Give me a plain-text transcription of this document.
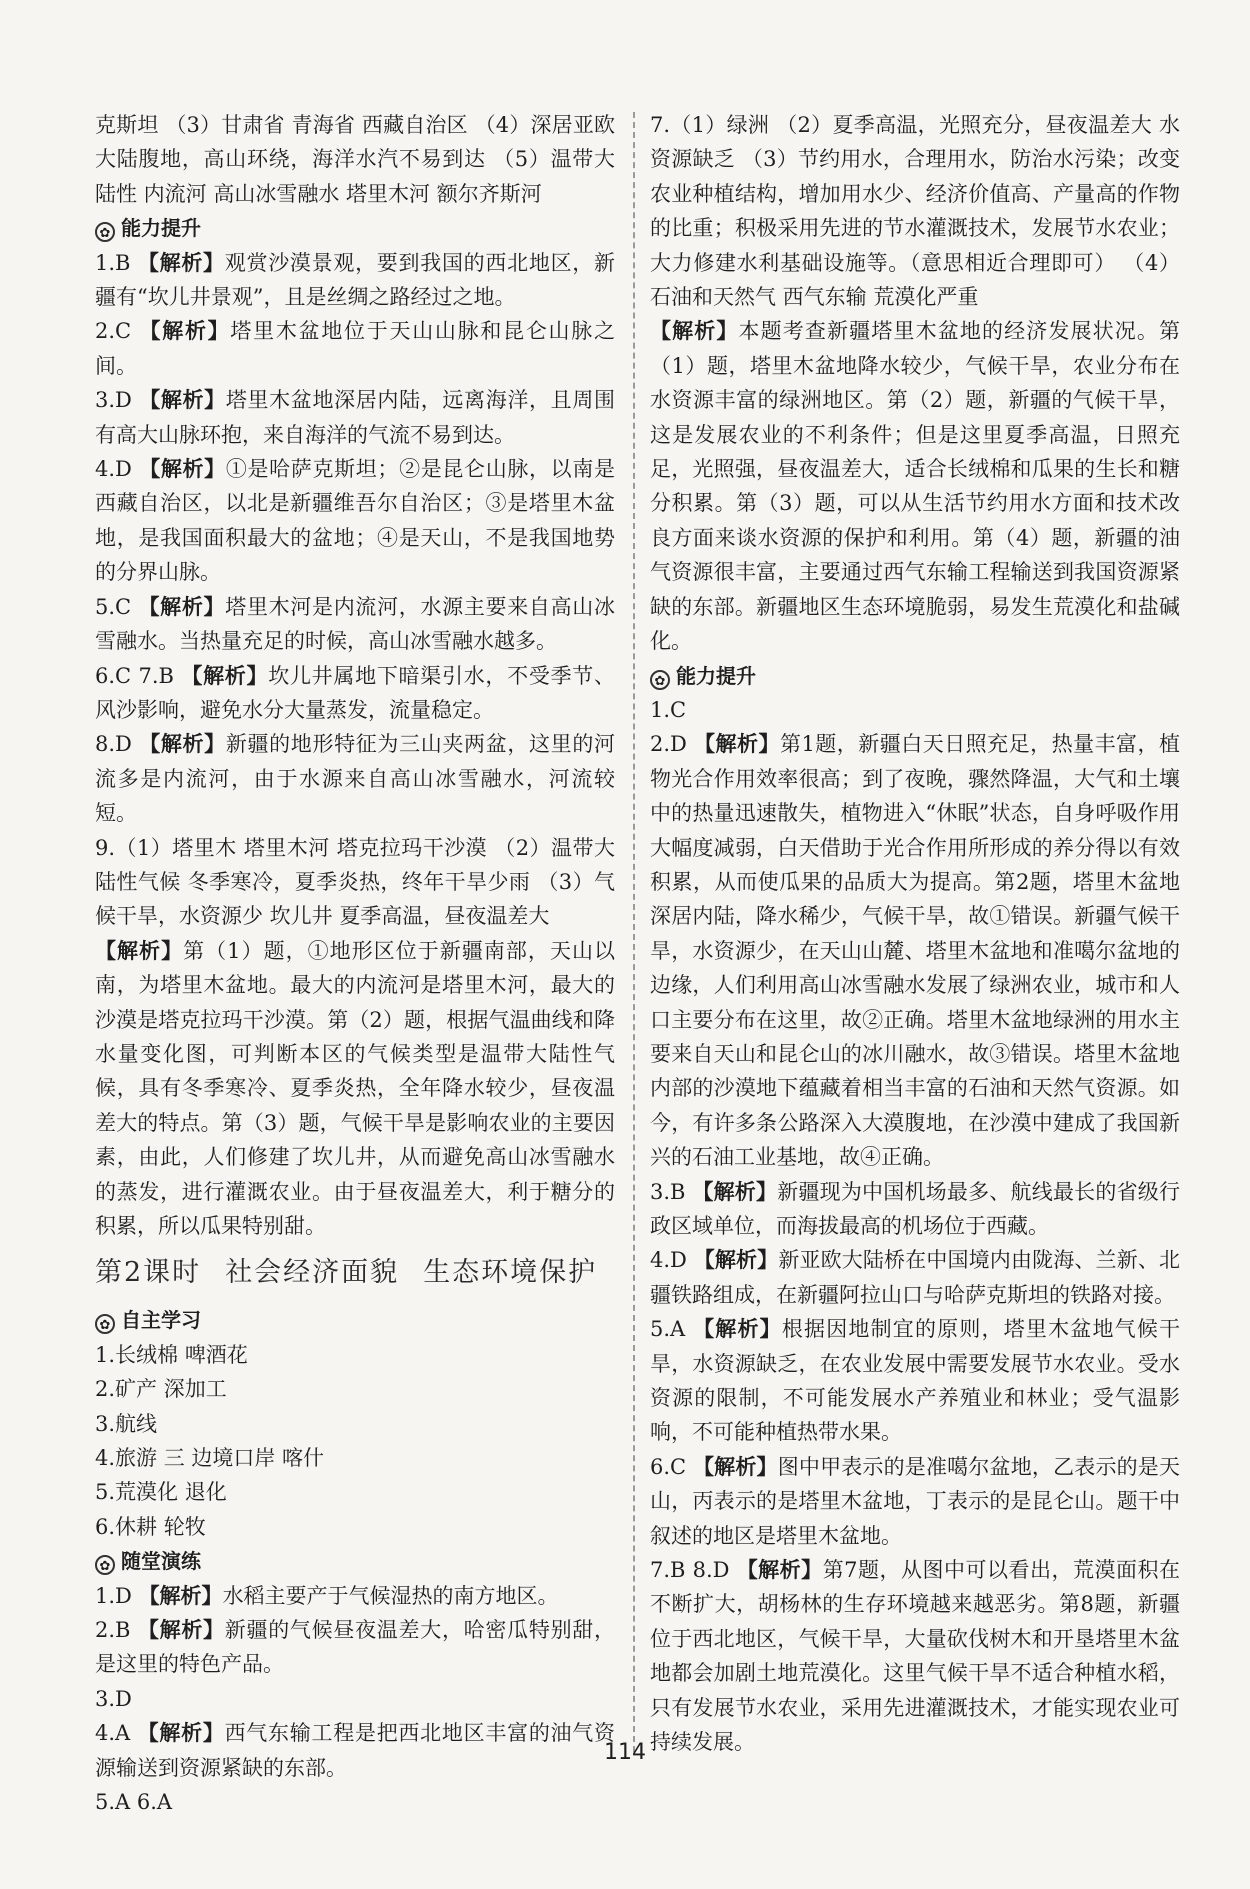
克斯坦 （3）甘肃省 青海省 西藏自治区 （4）深居亚欧大陆腹地，高山环绕，海洋水汽不易到达 （5）温带大陆性 内流河 高山冰雪融水 塔里木河 额尔齐斯河

✿ 能力提升

1.B 【解析】观赏沙漠景观，要到我国的西北地区，新疆有“坎儿井景观”，且是丝绸之路经过之地。

2.C 【解析】塔里木盆地位于天山山脉和昆仑山脉之间。

3.D 【解析】塔里木盆地深居内陆，远离海洋，且周围有高大山脉环抱，来自海洋的气流不易到达。

4.D 【解析】①是哈萨克斯坦；②是昆仑山脉，以南是西藏自治区，以北是新疆维吾尔自治区；③是塔里木盆地，是我国面积最大的盆地；④是天山，不是我国地势的分界山脉。

5.C 【解析】塔里木河是内流河，水源主要来自高山冰雪融水。当热量充足的时候，高山冰雪融水越多。

6.C 7.B 【解析】坎儿井属地下暗渠引水，不受季节、风沙影响，避免水分大量蒸发，流量稳定。

8.D 【解析】新疆的地形特征为三山夹两盆，这里的河流多是内流河，由于水源来自高山冰雪融水，河流较短。

9.（1）塔里木 塔里木河 塔克拉玛干沙漠 （2）温带大陆性气候 冬季寒冷，夏季炎热，终年干旱少雨 （3）气候干旱，水资源少 坎儿井 夏季高温，昼夜温差大

【解析】第（1）题，①地形区位于新疆南部，天山以南，为塔里木盆地。最大的内流河是塔里木河，最大的沙漠是塔克拉玛干沙漠。第（2）题，根据气温曲线和降水量变化图，可判断本区的气候类型是温带大陆性气候，具有冬季寒冷、夏季炎热，全年降水较少，昼夜温差大的特点。第（3）题，气候干旱是影响农业的主要因素，由此，人们修建了坎儿井，从而避免高山冰雪融水的蒸发，进行灌溉农业。由于昼夜温差大，利于糖分的积累，所以瓜果特别甜。

第2课时 社会经济面貌 生态环境保护

✿ 自主学习

1.长绒棉 啤酒花

2.矿产 深加工

3.航线

4.旅游 三 边境口岸 喀什

5.荒漠化 退化

6.休耕 轮牧

✿ 随堂演练

1.D 【解析】水稻主要产于气候湿热的南方地区。

2.B 【解析】新疆的气候昼夜温差大，哈密瓜特别甜，是这里的特色产品。

3.D

4.A 【解析】西气东输工程是把西北地区丰富的油气资源输送到资源紧缺的东部。

5.A 6.A

7.（1）绿洲 （2）夏季高温，光照充分，昼夜温差大 水资源缺乏 （3）节约用水，合理用水，防治水污染；改变农业种植结构，增加用水少、经济价值高、产量高的作物的比重；积极采用先进的节水灌溉技术，发展节水农业；大力修建水利基础设施等。（意思相近合理即可） （4）石油和天然气 西气东输 荒漠化严重

【解析】本题考查新疆塔里木盆地的经济发展状况。第（1）题，塔里木盆地降水较少，气候干旱，农业分布在水资源丰富的绿洲地区。第（2）题，新疆的气候干旱，这是发展农业的不利条件；但是这里夏季高温，日照充足，光照强，昼夜温差大，适合长绒棉和瓜果的生长和糖分积累。第（3）题，可以从生活节约用水方面和技术改良方面来谈水资源的保护和利用。第（4）题，新疆的油气资源很丰富，主要通过西气东输工程输送到我国资源紧缺的东部。新疆地区生态环境脆弱，易发生荒漠化和盐碱化。

✿ 能力提升

1.C

2.D 【解析】第1题，新疆白天日照充足，热量丰富，植物光合作用效率很高；到了夜晚，骤然降温，大气和土壤中的热量迅速散失，植物进入“休眠”状态，自身呼吸作用大幅度减弱，白天借助于光合作用所形成的养分得以有效积累，从而使瓜果的品质大为提高。第2题，塔里木盆地深居内陆，降水稀少，气候干旱，故①错误。新疆气候干旱，水资源少，在天山山麓、塔里木盆地和准噶尔盆地的边缘，人们利用高山冰雪融水发展了绿洲农业，城市和人口主要分布在这里，故②正确。塔里木盆地绿洲的用水主要来自天山和昆仑山的冰川融水，故③错误。塔里木盆地内部的沙漠地下蕴藏着相当丰富的石油和天然气资源。如今，有许多条公路深入大漠腹地，在沙漠中建成了我国新兴的石油工业基地，故④正确。

3.B 【解析】新疆现为中国机场最多、航线最长的省级行政区域单位，而海拔最高的机场位于西藏。

4.D 【解析】新亚欧大陆桥在中国境内由陇海、兰新、北疆铁路组成，在新疆阿拉山口与哈萨克斯坦的铁路对接。

5.A 【解析】根据因地制宜的原则，塔里木盆地气候干旱，水资源缺乏，在农业发展中需要发展节水农业。受水资源的限制，不可能发展水产养殖业和林业；受气温影响，不可能种植热带水果。

6.C 【解析】图中甲表示的是准噶尔盆地，乙表示的是天山，丙表示的是塔里木盆地，丁表示的是昆仑山。题干中叙述的地区是塔里木盆地。

7.B 8.D 【解析】第7题，从图中可以看出，荒漠面积在不断扩大，胡杨林的生存环境越来越恶劣。第8题，新疆位于西北地区，气候干旱，大量砍伐树木和开垦塔里木盆地都会加剧土地荒漠化。这里气候干旱不适合种植水稻，只有发展节水农业，采用先进灌溉技术，才能实现农业可持续发展。

114
